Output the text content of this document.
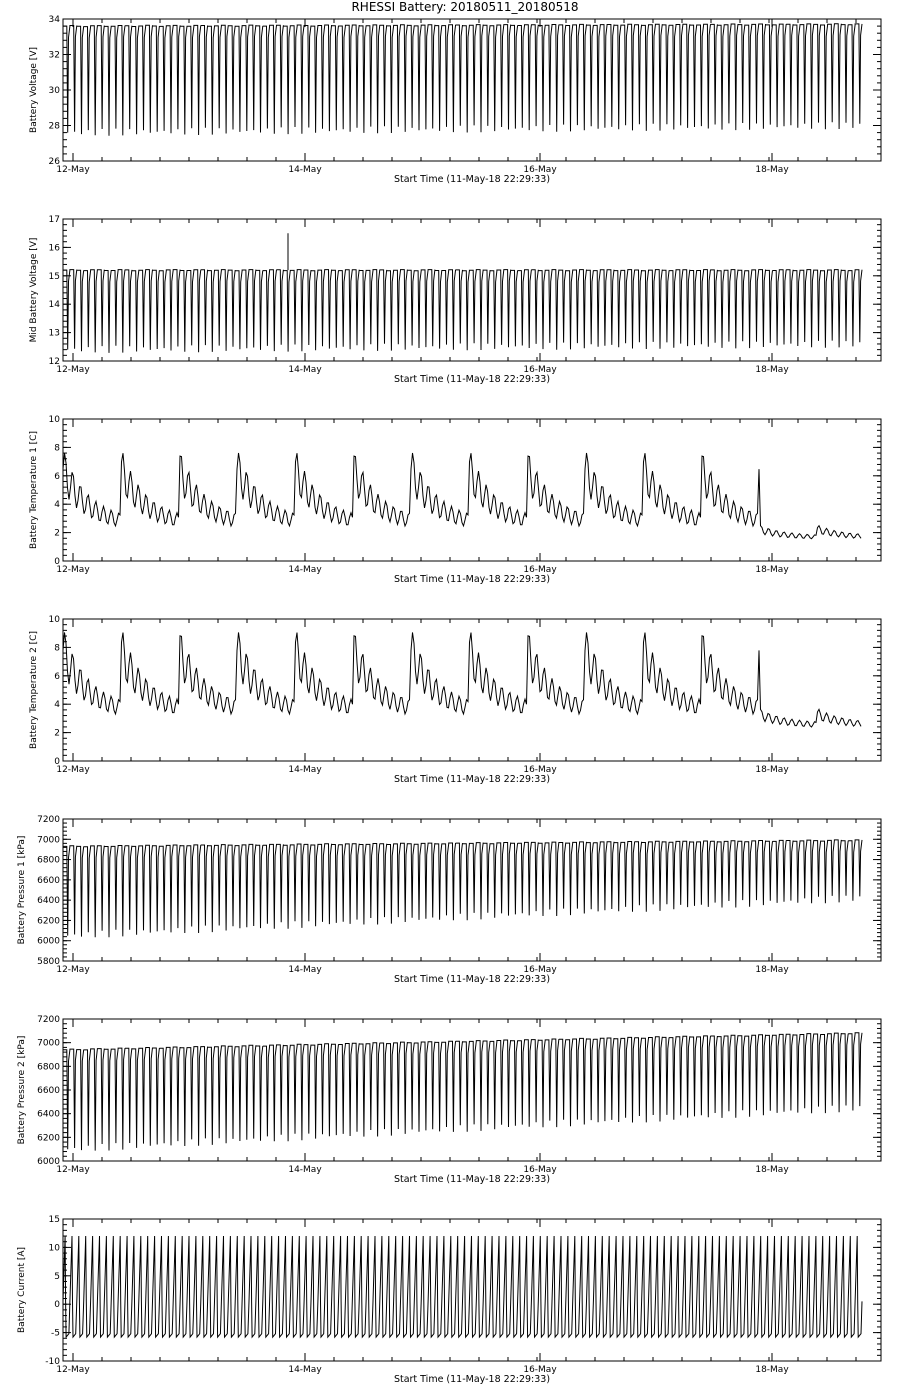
RHESSI Battery: 20180511_20180518
26
28
30
32
34
12-May	14-May	16-May	18-May
Start Time (11-May-18 22:29:33)
Battery Voltage [V]
12
13
14
15
16
17
12-May	14-May	16-May	18-May
Start Time (11-May-18 22:29:33)
Mid Battery Voltage [V]
0
2
4
6
8
10
12-May	14-May	16-May	18-May
Start Time (11-May-18 22:29:33)
Battery Temperature 1 [C]
0
2
4
6
8
10
12-May	14-May	16-May	18-May
Start Time (11-May-18 22:29:33)
Battery Temperature 2 [C]
5800
6000
6200
6400
6600
6800
7000
7200
12-May	14-May	16-May	18-May
Start Time (11-May-18 22:29:33)
Battery Pressure 1 [kPa]
6000
6200
6400
6600
6800
7000
7200
12-May	14-May	16-May	18-May
Start Time (11-May-18 22:29:33)
Battery Pressure 2 [kPa]
-10
-5
0
5
10
15
12-May	14-May	16-May	18-May
Start Time (11-May-18 22:29:33)
Battery Current [A]
